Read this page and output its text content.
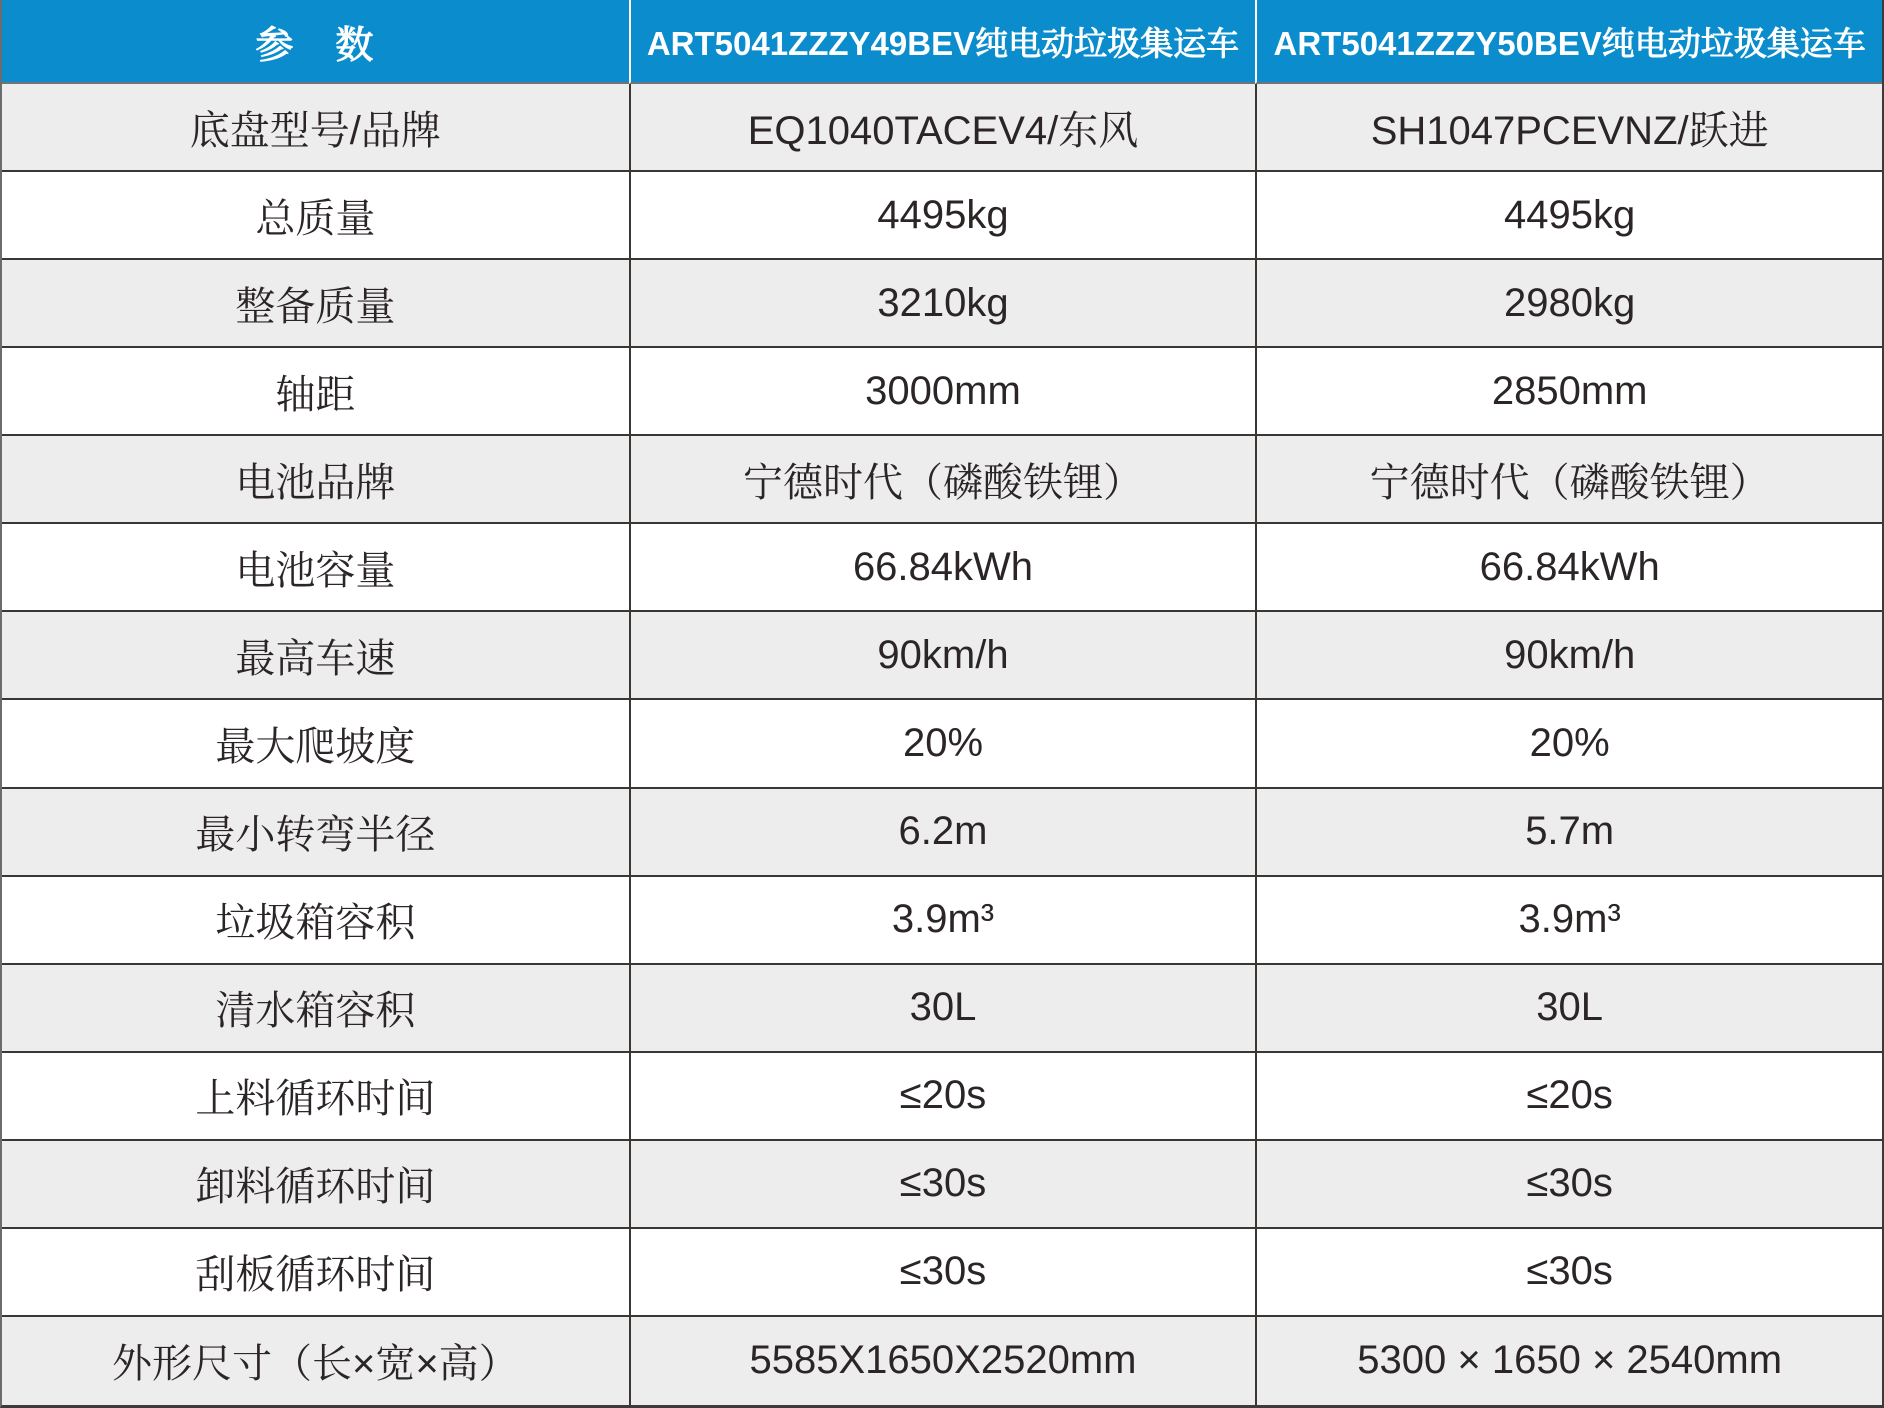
参　数	ART5041ZZZY49BEV纯电动垃圾集运车	ART5041ZZZY50BEV纯电动垃圾集运车
底盘型号/品牌	EQ1040TACEV4/东风	SH1047PCEVNZ/跃进
总质量	4495kg	4495kg
整备质量	3210kg	2980kg
轴距	3000mm	2850mm
电池品牌	宁德时代（磷酸铁锂）	宁德时代（磷酸铁锂）
电池容量	66.84kWh	66.84kWh
最高车速	90km/h	90km/h
最大爬坡度	20%	20%
最小转弯半径	6.2m	5.7m
垃圾箱容积	3.9m³	3.9m³
清水箱容积	30L	30L
上料循环时间	≤20s	≤20s
卸料循环时间	≤30s	≤30s
刮板循环时间	≤30s	≤30s
外形尺寸（长×宽×高）	5585X1650X2520mm	5300 × 1650 × 2540mm
